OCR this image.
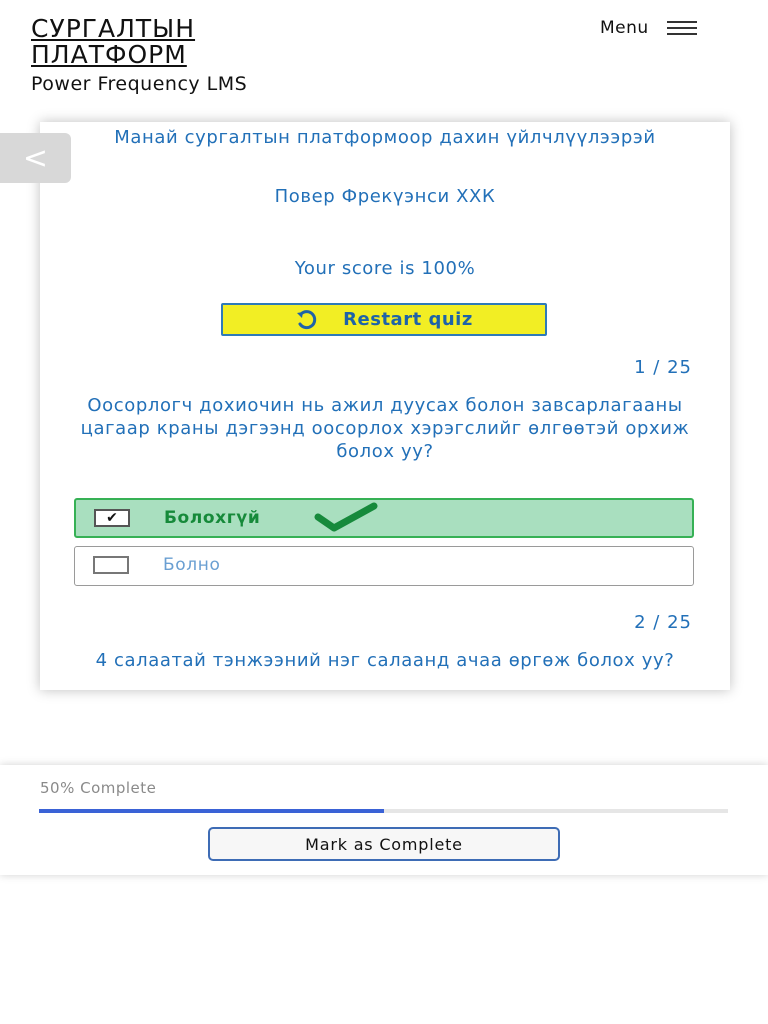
СУРГАЛТЫН
ПЛАТФОРМ
Power Frequency LMS
Menu
Манай сургалтын платформоор дахин үйлчлүүлээрэй
Повер Фрекүэнси ХХК
Your score is 100%
Restart quiz
1 / 25
Оосорлогч дохиочин нь ажил дуусах болон завсарлагааны цагаар краны дэгээнд оосорлох хэрэгслийг өлгөөтэй орхиж болох уу?
✔	Болохгүй
Болно
2 / 25
4 салаатай тэнжээний нэг салаанд ачаа өргөж болох уу?
<
50% Complete
Mark as Complete
